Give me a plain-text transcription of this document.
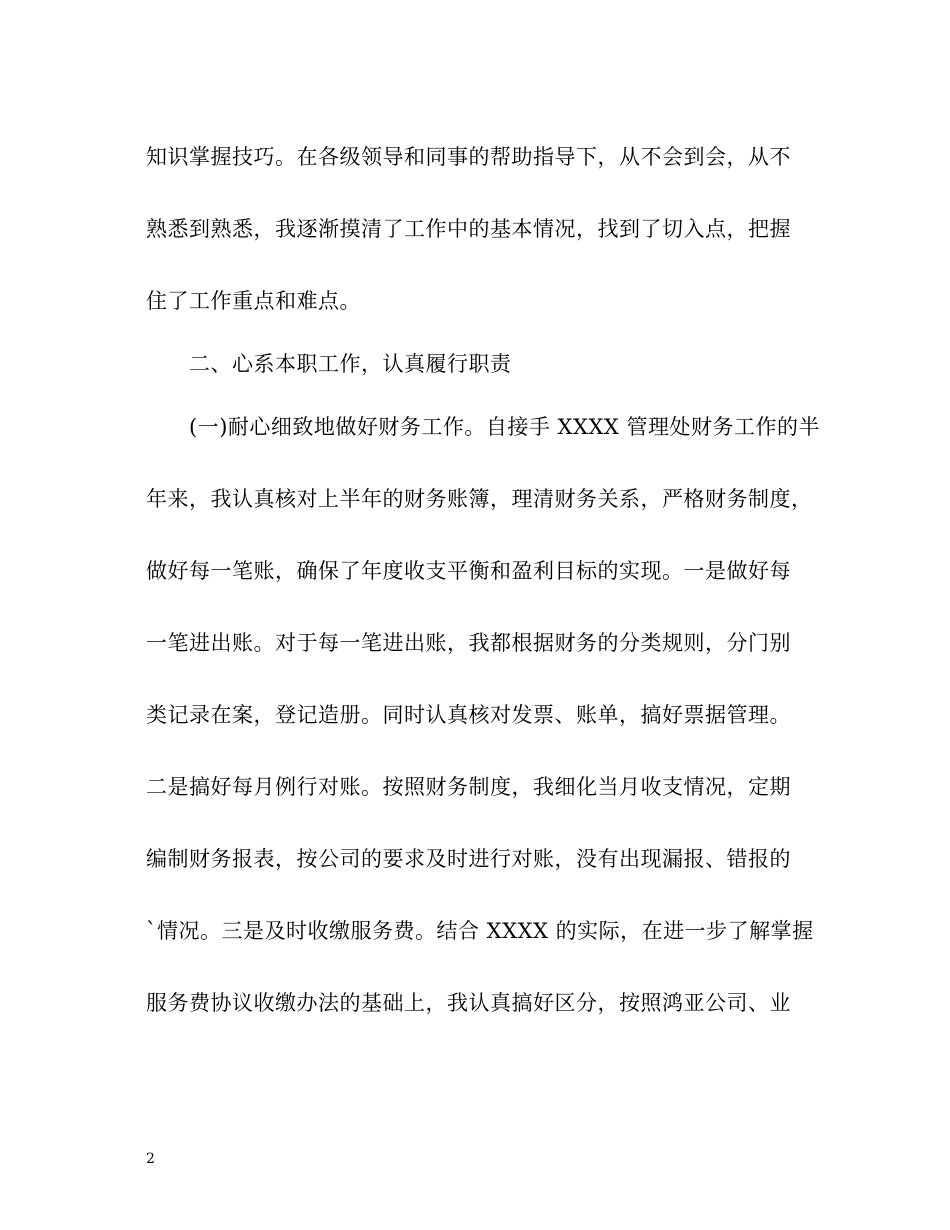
知识掌握技巧。在各级领导和同事的帮助指导下，从不会到会，从不
熟悉到熟悉，我逐渐摸清了工作中的基本情况，找到了切入点，把握
住了工作重点和难点。
　　二、心系本职工作，认真履行职责
　　(一)耐心细致地做好财务工作。自接手 XXXX 管理处财务工作的半
年来，我认真核对上半年的财务账簿，理清财务关系，严格财务制度，
做好每一笔账，确保了年度收支平衡和盈利目标的实现。一是做好每
一笔进出账。对于每一笔进出账，我都根据财务的分类规则，分门别
类记录在案，登记造册。同时认真核对发票、账单，搞好票据管理。
二是搞好每月例行对账。按照财务制度，我细化当月收支情况，定期
编制财务报表，按公司的要求及时进行对账，没有出现漏报、错报的
`情况。三是及时收缴服务费。结合 XXXX 的实际，在进一步了解掌握
服务费协议收缴办法的基础上，我认真搞好区分，按照鸿亚公司、业
2
